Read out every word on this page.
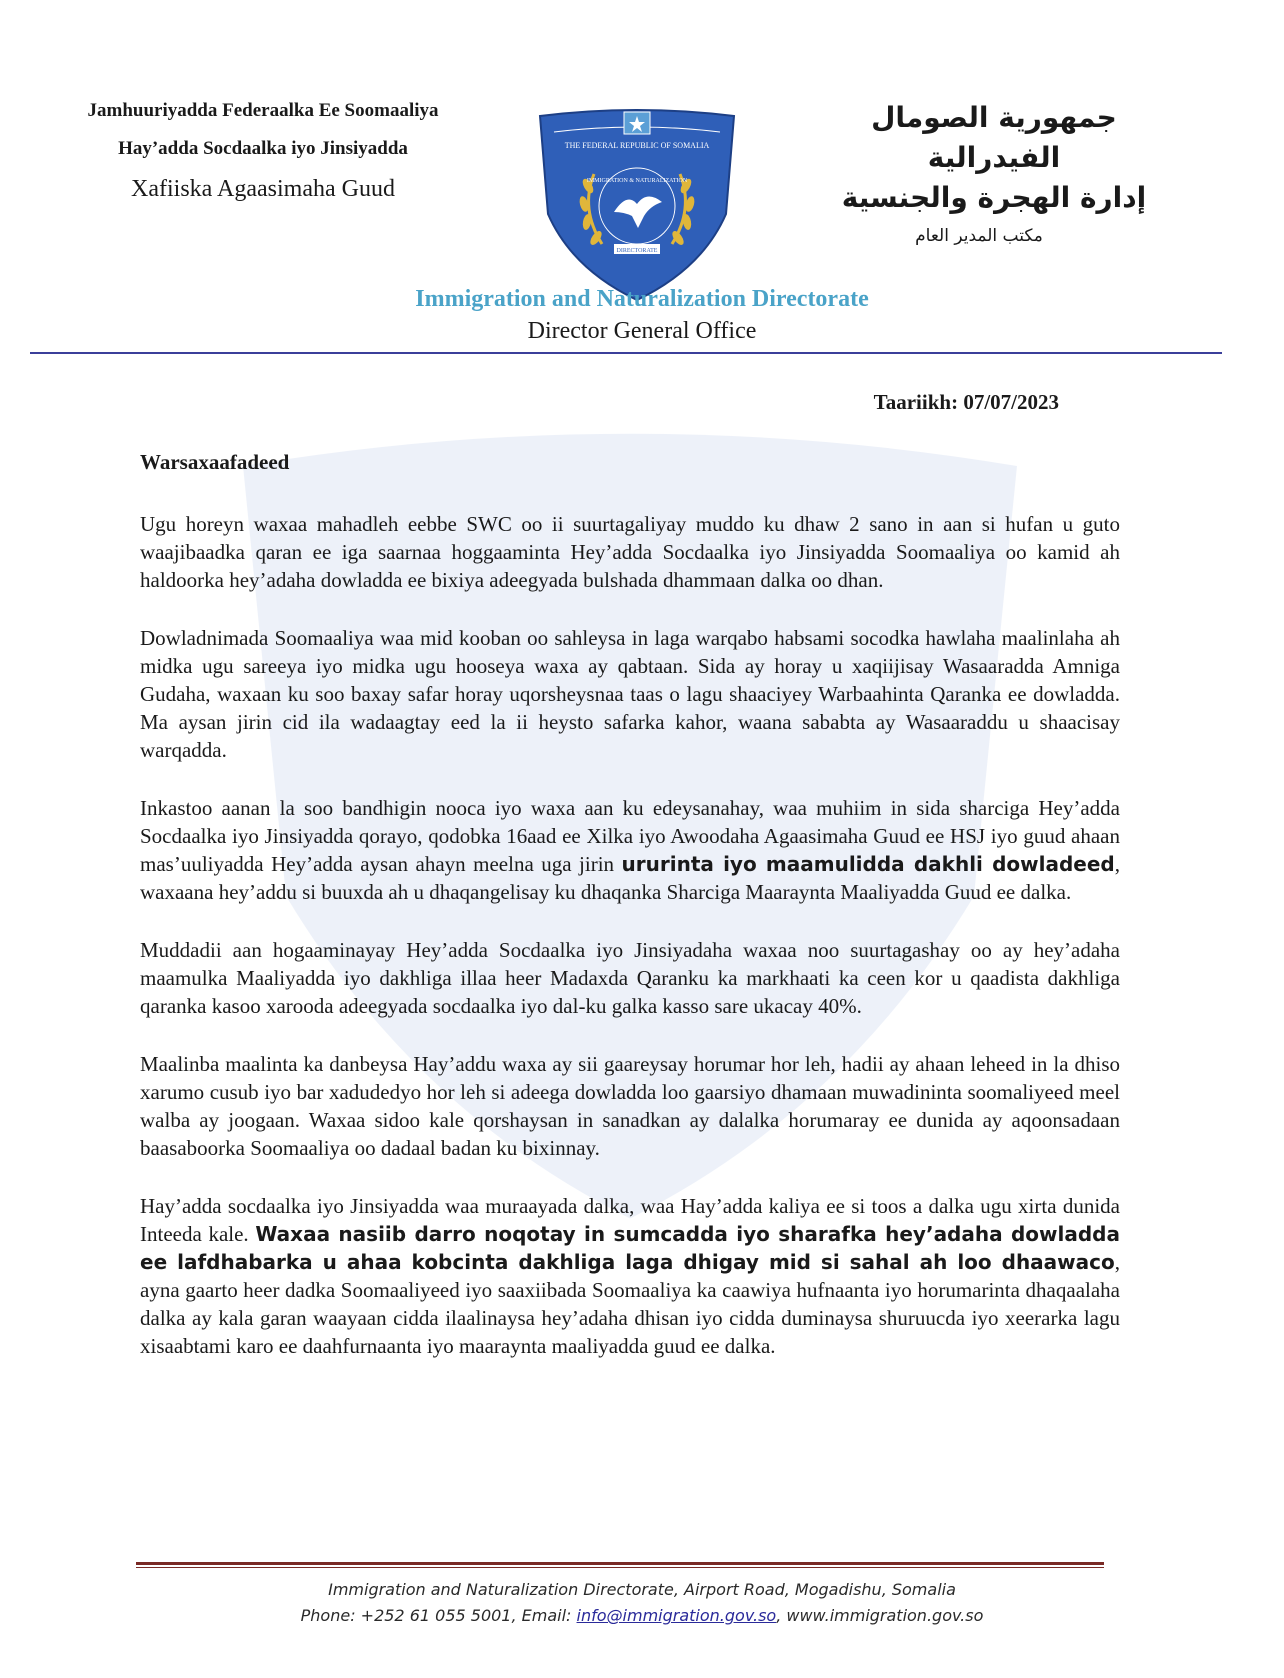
Jamhuuriyadda Federaalka Ee Soomaaliya
Hay’adda Socdaalka iyo Jinsiyadda
Xafiiska Agaasimaha Guud
THE FEDERAL REPUBLIC OF SOMALIA
IMMIGRATION & NATURALIZATION
DIRECTORATE
جمهورية الصومال الفيدرالية
إدارة الهجرة والجنسية
مكتب المدير العام
Immigration and Naturalization Directorate
Director General Office
Taariikh: 07/07/2023
Warsaxaafadeed

Ugu horeyn waxaa mahadleh eebbe SWC oo ii suurtagaliyay muddo ku dhaw 2 sano in aan si hufan u guto waajibaadka qaran ee iga saarnaa hoggaaminta Hey’adda Socdaalka iyo Jinsiyadda Soomaaliya oo kamid ah haldoorka hey’adaha dowladda ee bixiya adeegyada bulshada dhammaan dalka oo dhan.

Dowladnimada Soomaaliya waa mid kooban oo sahleysa in laga warqabo habsami socodka hawlaha maalinlaha ah midka ugu sareeya iyo midka ugu hooseya waxa ay qabtaan. Sida ay horay u xaqiijisay Wasaaradda Amniga Gudaha, waxaan ku soo baxay safar horay uqorsheysnaa taas o lagu shaaciyey Warbaahinta Qaranka ee dowladda. Ma aysan jirin cid ila wadaagtay eed la ii heysto safarka kahor, waana sababta ay Wasaaraddu u shaacisay warqadda.

Inkastoo aanan la soo bandhigin nooca iyo waxa aan ku edeysanahay, waa muhiim in sida sharciga Hey’adda Socdaalka iyo Jinsiyadda qorayo, qodobka 16aad ee Xilka iyo Awoodaha Agaasimaha Guud ee HSJ iyo guud ahaan mas’uuliyadda Hey’adda aysan ahayn meelna uga jirin ururinta iyo maamulidda dakhli dowladeed, waxaana hey’addu si buuxda ah u dhaqangelisay ku dhaqanka Sharciga Maaraynta Maaliyadda Guud ee dalka.

Muddadii aan hogaaminayay Hey’adda Socdaalka iyo Jinsiyadaha waxaa noo suurtagashay oo ay hey’adaha maamulka Maaliyadda iyo dakhliga illaa heer Madaxda Qaranku ka markhaati ka ceen kor u qaadista dakhliga qaranka kasoo xarooda adeegyada socdaalka iyo dal-ku galka kasso sare ukacay 40%.

Maalinba maalinta ka danbeysa Hay’addu waxa ay sii gaareysay horumar hor leh, hadii ay ahaan leheed in la dhiso xarumo cusub iyo bar xadudedyo hor leh si adeega dowladda loo gaarsiyo dhamaan muwadininta soomaliyeed meel walba ay joogaan. Waxaa sidoo kale qorshaysan in sanadkan ay dalalka horumaray ee dunida ay aqoonsadaan baasaboorka Soomaaliya oo dadaal badan ku bixinnay.

Hay’adda socdaalka iyo Jinsiyadda waa muraayada dalka, waa Hay’adda kaliya ee si toos a dalka ugu xirta dunida Inteeda kale. Waxaa nasiib darro noqotay in sumcadda iyo sharafka hey’adaha dowladda ee lafdhabarka u ahaa kobcinta dakhliga laga dhigay mid si sahal ah loo dhaawaco, ayna gaarto heer dadka Soomaaliyeed iyo saaxiibada Soomaaliya ka caawiya hufnaanta iyo horumarinta dhaqaalaha dalka ay kala garan waayaan cidda ilaalinaysa hey’adaha dhisan iyo cidda duminaysa shuruucda iyo xeerarka lagu xisaabtami karo ee daahfurnaanta iyo maaraynta maaliyadda guud ee dalka.

Immigration and Naturalization Directorate, Airport Road, Mogadishu, Somalia
Phone: +252 61 055 5001, Email: info@immigration.gov.so, www.immigration.gov.so
